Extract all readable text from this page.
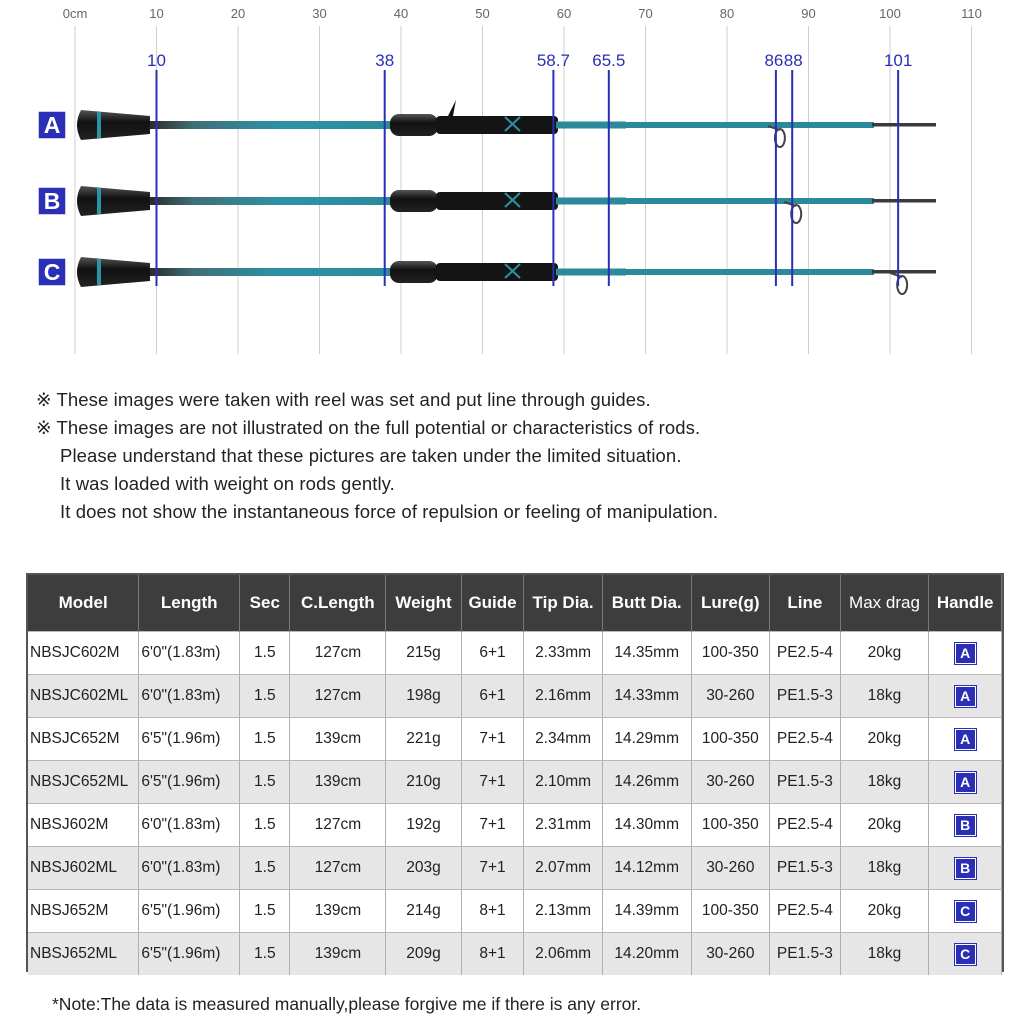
0cm	10	20	30	40	50	60	70	80	90	100	110
A
B
C
10	38	58.7 65.5	86 88	101
※ These images were taken with reel was set and put line through guides.
※ These images are not illustrated on the full potential or characteristics of rods.
Please understand that these pictures are taken under the limited situation.
It was loaded with weight on rods gently.
It does not show the instantaneous force of repulsion or feeling of manipulation.
Model	Length	Sec	C.Length	Weight	Guide	Tip Dia.	Butt Dia.	Lure(g)	Line	Max drag	Handle
NBSJC602M	6'0"(1.83m)	1.5	127cm	215g	6+1	2.33mm	14.35mm	100-350	PE2.5-4	20kg	A
NBSJC602ML	6'0"(1.83m)	1.5	127cm	198g	6+1	2.16mm	14.33mm	30-260	PE1.5-3	18kg	A
NBSJC652M	6'5"(1.96m)	1.5	139cm	221g	7+1	2.34mm	14.29mm	100-350	PE2.5-4	20kg	A
NBSJC652ML	6'5"(1.96m)	1.5	139cm	210g	7+1	2.10mm	14.26mm	30-260	PE1.5-3	18kg	A
NBSJ602M	6'0"(1.83m)	1.5	127cm	192g	7+1	2.31mm	14.30mm	100-350	PE2.5-4	20kg	B
NBSJ602ML	6'0"(1.83m)	1.5	127cm	203g	7+1	2.07mm	14.12mm	30-260	PE1.5-3	18kg	B
NBSJ652M	6'5"(1.96m)	1.5	139cm	214g	8+1	2.13mm	14.39mm	100-350	PE2.5-4	20kg	C
NBSJ652ML	6'5"(1.96m)	1.5	139cm	209g	8+1	2.06mm	14.20mm	30-260	PE1.5-3	18kg	C
*Note:The data is measured manually,please forgive me if there is any error.
